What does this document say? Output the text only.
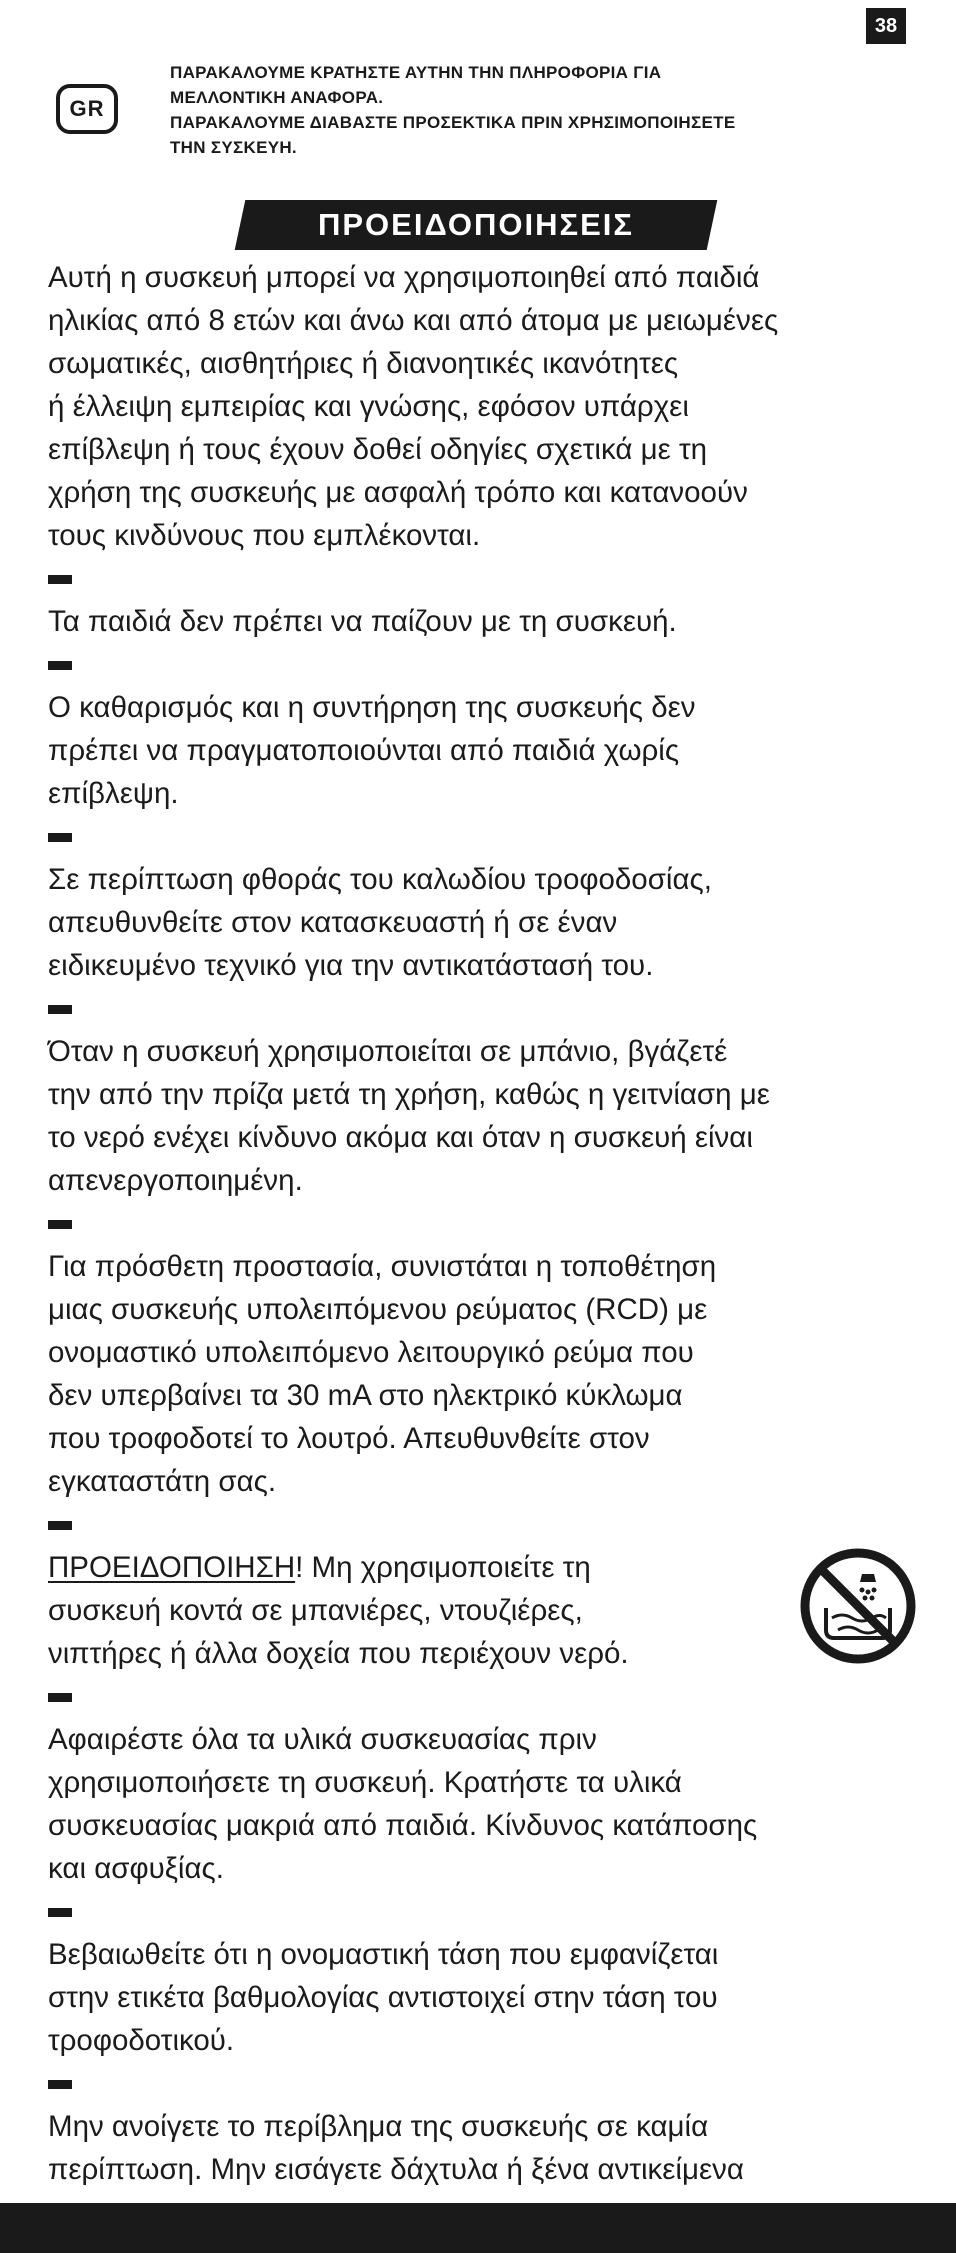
38
GR
ΠΑΡΑΚΑΛΟΥΜΕ ΚΡΑΤΗΣΤΕ ΑΥΤΗΝ ΤΗΝ ΠΛΗΡΟΦΟΡΙΑ ΓΙΑ
ΜΕΛΛΟΝΤΙΚΗ ΑΝΑΦΟΡΑ.
ΠΑΡΑΚΑΛΟΥΜΕ ΔΙΑΒΑΣΤΕ ΠΡΟΣΕΚΤΙΚΑ ΠΡΙΝ ΧΡΗΣΙΜΟΠΟΙΗΣΕΤΕ
ΤΗΝ ΣΥΣΚΕΥΗ.
ΠΡΟΕΙΔΟΠΟΙΗΣΕΙΣ
Αυτή η συσκευή μπορεί να χρησιμοποιηθεί από παιδιά
ηλικίας από 8 ετών και άνω και από άτομα με μειωμένες
σωματικές, αισθητήριες ή διανοητικές ικανότητες
ή έλλειψη εμπειρίας και γνώσης, εφόσον υπάρχει
επίβλεψη ή τους έχουν δοθεί οδηγίες σχετικά με τη
χρήση της συσκευής με ασφαλή τρόπο και κατανοούν
τους κινδύνους που εμπλέκονται.
Τα παιδιά δεν πρέπει να παίζουν με τη συσκευή.
Ο καθαρισμός και η συντήρηση της συσκευής δεν
πρέπει να πραγματοποιούνται από παιδιά χωρίς
επίβλεψη.
Σε περίπτωση φθοράς του καλωδίου τροφοδοσίας,
απευθυνθείτε στον κατασκευαστή ή σε έναν
ειδικευμένο τεχνικό για την αντικατάστασή του.
Όταν η συσκευή χρησιμοποιείται σε μπάνιο, βγάζετέ
την από την πρίζα μετά τη χρήση, καθώς η γειτνίαση με
το νερό ενέχει κίνδυνο ακόμα και όταν η συσκευή είναι
απενεργοποιημένη.
Για πρόσθετη προστασία, συνιστάται η τοποθέτηση
μιας συσκευής υπολειπόμενου ρεύματος (RCD) με
ονομαστικό υπολειπόμενο λειτουργικό ρεύμα που
δεν υπερβαίνει τα 30 mA στο ηλεκτρικό κύκλωμα
που τροφοδοτεί το λουτρό. Απευθυνθείτε στον
εγκαταστάτη σας.
ΠΡΟΕΙΔΟΠΟΙΗΣΗ! Μη χρησιμοποιείτε τη
συσκευή κοντά σε μπανιέρες, ντουζιέρες,
νιπτήρες ή άλλα δοχεία που περιέχουν νερό.
Αφαιρέστε όλα τα υλικά συσκευασίας πριν
χρησιμοποιήσετε τη συσκευή. Κρατήστε τα υλικά
συσκευασίας μακριά από παιδιά. Κίνδυνος κατάποσης
και ασφυξίας.
Βεβαιωθείτε ότι η ονομαστική τάση που εμφανίζεται
στην ετικέτα βαθμολογίας αντιστοιχεί στην τάση του
τροφοδοτικού.
Μην ανοίγετε το περίβλημα της συσκευής σε καμία
περίπτωση. Μην εισάγετε δάχτυλα ή ξένα αντικείμενα
